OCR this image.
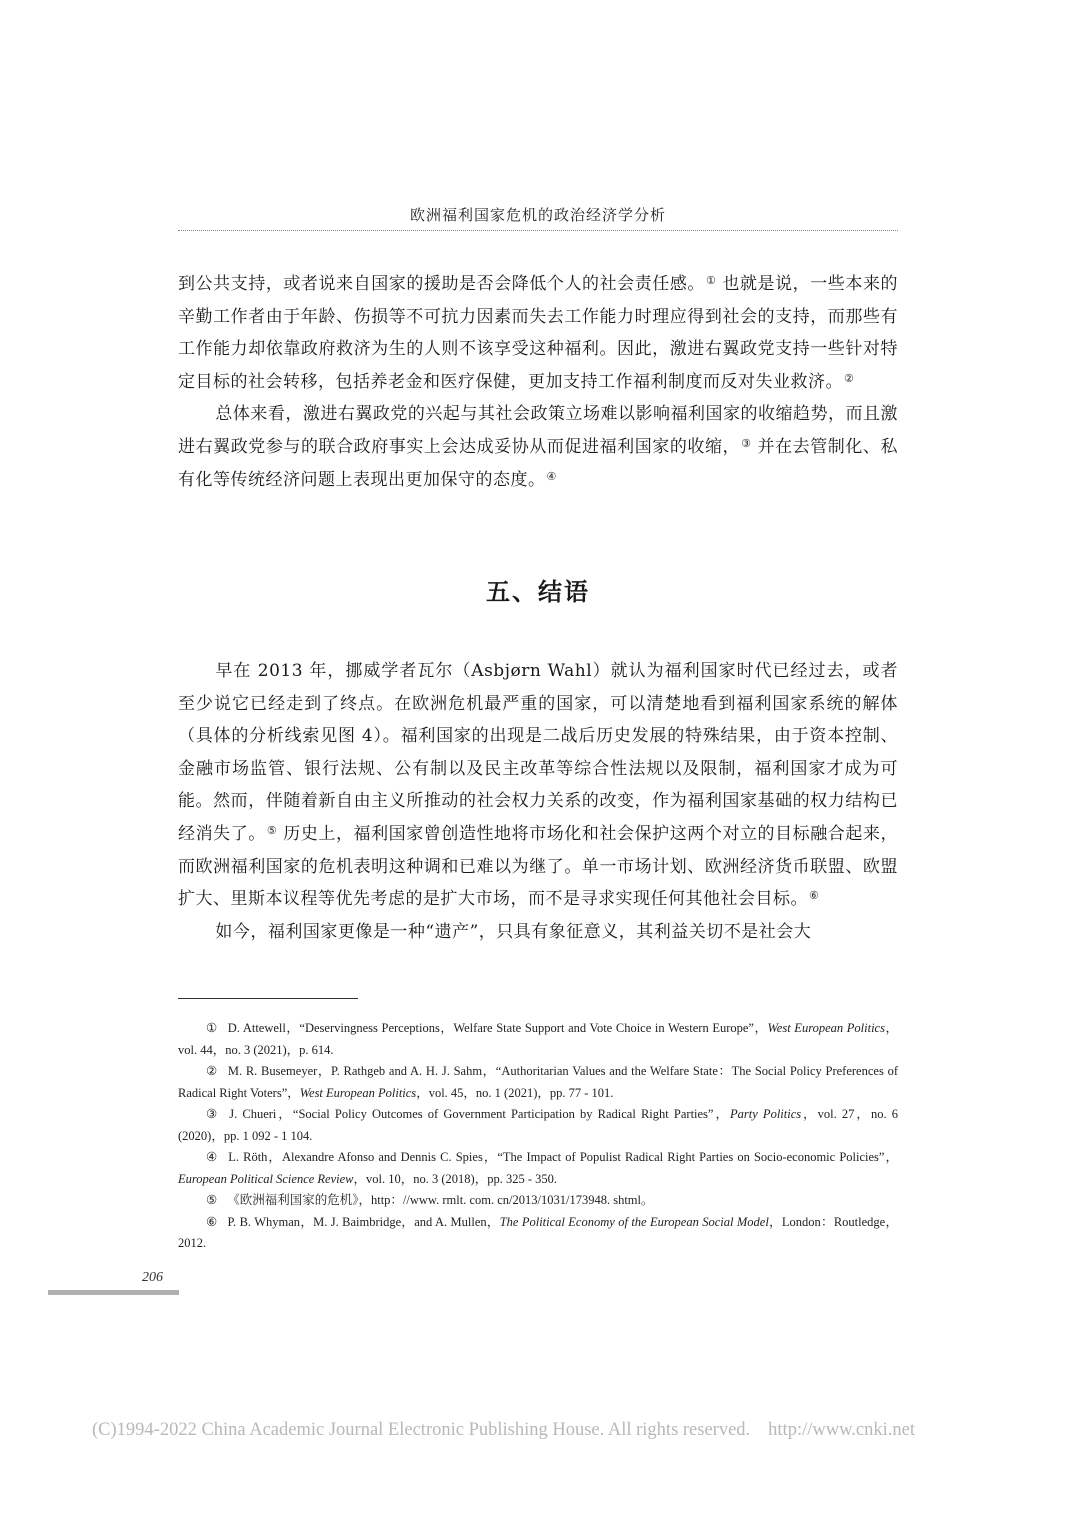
欧洲福利国家危机的政治经济学分析

到公共支持，或者说来自国家的援助是否会降低个人的社会责任感。① 也就是说，一些本来的辛勤工作者由于年龄、伤损等不可抗力因素而失去工作能力时理应得到社会的支持，而那些有工作能力却依靠政府救济为生的人则不该享受这种福利。因此，激进右翼政党支持一些针对特定目标的社会转移，包括养老金和医疗保健，更加支持工作福利制度而反对失业救济。②

总体来看，激进右翼政党的兴起与其社会政策立场难以影响福利国家的收缩趋势，而且激进右翼政党参与的联合政府事实上会达成妥协从而促进福利国家的收缩，③ 并在去管制化、私有化等传统经济问题上表现出更加保守的态度。④

五、结语

早在 2013 年，挪威学者瓦尔（Asbjørn Wahl）就认为福利国家时代已经过去，或者至少说它已经走到了终点。在欧洲危机最严重的国家，可以清楚地看到福利国家系统的解体（具体的分析线索见图 4）。福利国家的出现是二战后历史发展的特殊结果，由于资本控制、金融市场监管、银行法规、公有制以及民主改革等综合性法规以及限制，福利国家才成为可能。然而，伴随着新自由主义所推动的社会权力关系的改变，作为福利国家基础的权力结构已经消失了。⑤ 历史上，福利国家曾创造性地将市场化和社会保护这两个对立的目标融合起来，而欧洲福利国家的危机表明这种调和已难以为继了。单一市场计划、欧洲经济货币联盟、欧盟扩大、里斯本议程等优先考虑的是扩大市场，而不是寻求实现任何其他社会目标。⑥

如今，福利国家更像是一种“遗产”，只具有象征意义，其利益关切不是社会大

① D. Attewell，“Deservingness Perceptions，Welfare State Support and Vote Choice in Western Europe”，West European Politics，vol. 44，no. 3 (2021)，p. 614.

② M. R. Busemeyer，P. Rathgeb and A. H. J. Sahm，“Authoritarian Values and the Welfare State：The Social Policy Preferences of Radical Right Voters”，West European Politics，vol. 45，no. 1 (2021)，pp. 77 - 101.

③ J. Chueri，“Social Policy Outcomes of Government Participation by Radical Right Parties”，Party Politics，vol. 27，no. 6 (2020)，pp. 1 092 - 1 104.

④ L. Röth，Alexandre Afonso and Dennis C. Spies，“The Impact of Populist Radical Right Parties on Socio-economic Policies”，European Political Science Review，vol. 10，no. 3 (2018)，pp. 325 - 350.

⑤ 《欧洲福利国家的危机》，http：//www. rmlt. com. cn/2013/1031/173948. shtml。

⑥ P. B. Whyman，M. J. Baimbridge，and A. Mullen，The Political Economy of the European Social Model，London：Routledge，2012.

206
(C)1994-2022 China Academic Journal Electronic Publishing House. All rights reserved. http://www.cnki.net
